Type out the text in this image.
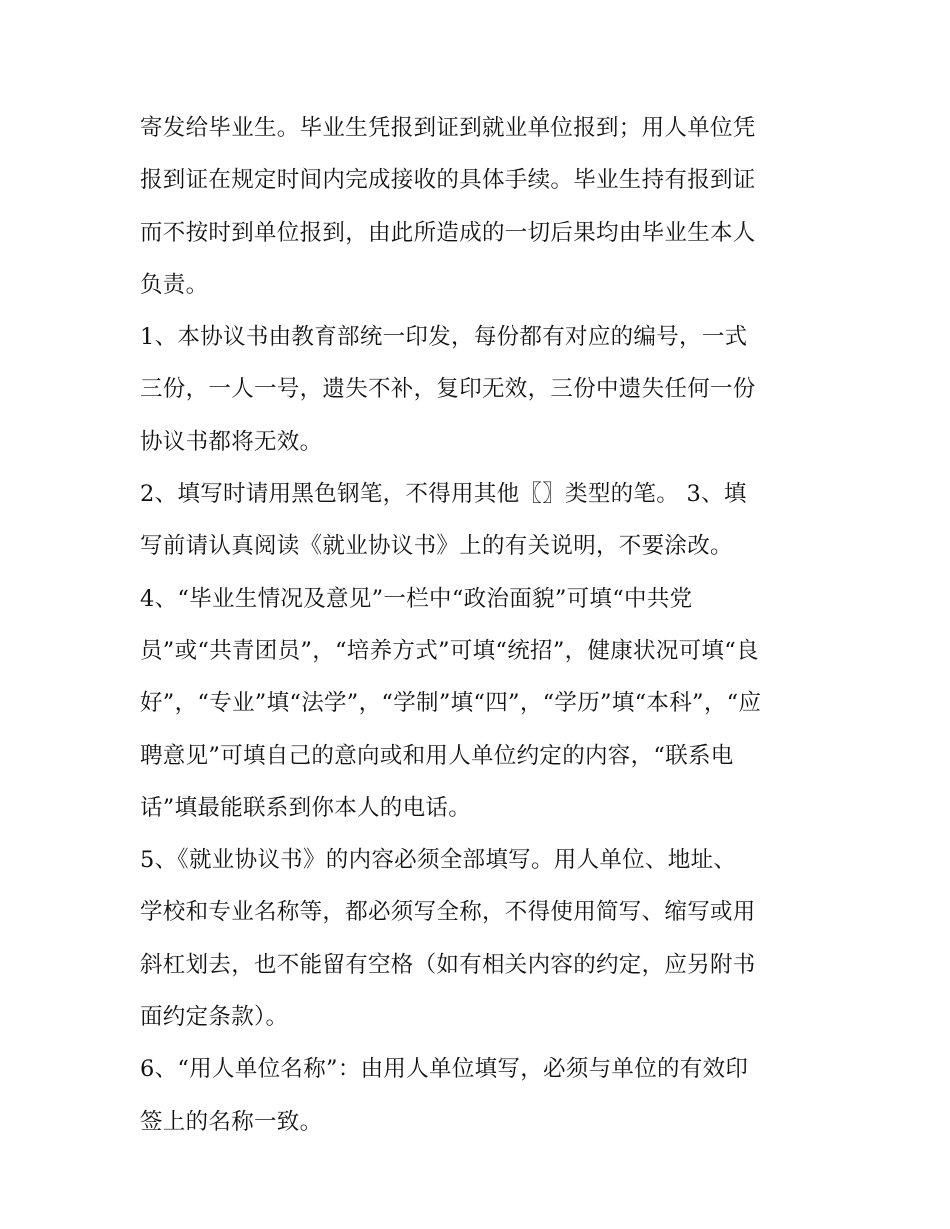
寄发给毕业生。毕业生凭报到证到就业单位报到；用人单位凭
报到证在规定时间内完成接收的具体手续。毕业生持有报到证
而不按时到单位报到，由此所造成的一切后果均由毕业生本人
负责。
1、本协议书由教育部统一印发，每份都有对应的编号，一式
三份，一人一号，遗失不补，复印无效，三份中遗失任何一份
协议书都将无效。
2、填写时请用黑色钢笔，不得用其他〖〗类型的笔。 3、填
写前请认真阅读《就业协议书》上的有关说明，不要涂改。
4、“毕业生情况及意见”一栏中“政治面貌”可填“中共党
员”或“共青团员”，“培养方式”可填“统招”，健康状况可填“良
好”，“专业”填“法学”，“学制”填“四”，“学历”填“本科”，“应
聘意见”可填自己的意向或和用人单位约定的内容，“联系电
话”填最能联系到你本人的电话。
5、《就业协议书》的内容必须全部填写。用人单位、地址、
学校和专业名称等，都必须写全称，不得使用简写、缩写或用
斜杠划去，也不能留有空格（如有相关内容的约定，应另附书
面约定条款）。
6、“用人单位名称”：由用人单位填写，必须与单位的有效印
签上的名称一致。
